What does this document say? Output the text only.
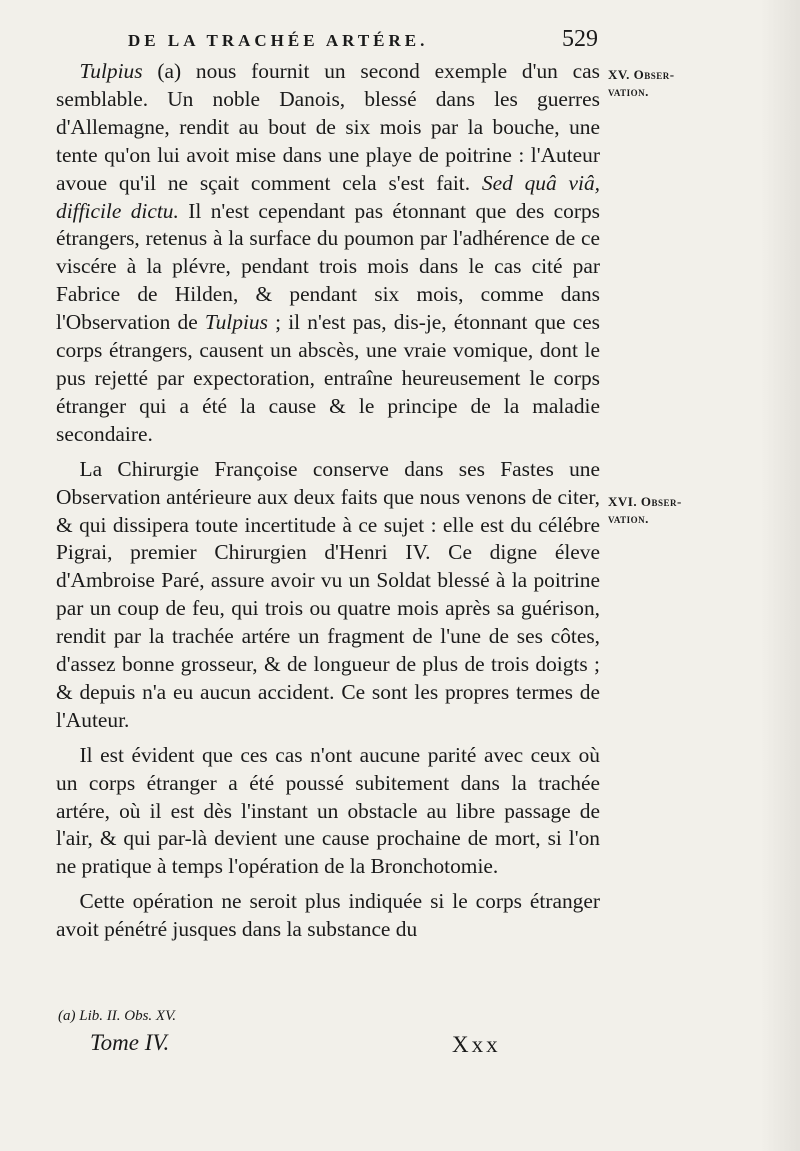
DE LA TRACHÉE ARTÉRE.	529
XV. Obser-
vation.
XVI. Obser-
vation.

Tulpius (a) nous fournit un second exemple d'un cas semblable. Un noble Danois, blessé dans les guerres d'Allemagne, rendit au bout de six mois par la bouche, une tente qu'on lui avoit mise dans une playe de poitrine : l'Auteur avoue qu'il ne sçait comment cela s'est fait. Sed quâ viâ, difficile dictu. Il n'est cependant pas étonnant que des corps étrangers, retenus à la surface du poumon par l'adhérence de ce viscére à la plévre, pendant trois mois dans le cas cité par Fabrice de Hilden, & pendant six mois, comme dans l'Observation de Tulpius ; il n'est pas, dis-je, étonnant que ces corps étrangers, causent un abscès, une vraie vomique, dont le pus rejetté par expectoration, entraîne heureusement le corps étranger qui a été la cause & le principe de la maladie secondaire.

La Chirurgie Françoise conserve dans ses Fastes une Observation antérieure aux deux faits que nous venons de citer, & qui dissipera toute incertitude à ce sujet : elle est du célébre Pigrai, premier Chirurgien d'Henri IV. Ce digne éleve d'Ambroise Paré, assure avoir vu un Soldat blessé à la poitrine par un coup de feu, qui trois ou quatre mois après sa guérison, rendit par la trachée artére un fragment de l'une de ses côtes, d'assez bonne grosseur, & de longueur de plus de trois doigts ; & depuis n'a eu aucun accident. Ce sont les propres termes de l'Auteur.

Il est évident que ces cas n'ont aucune parité avec ceux où un corps étranger a été poussé subitement dans la trachée artére, où il est dès l'instant un obstacle au libre passage de l'air, & qui par-là devient une cause prochaine de mort, si l'on ne pratique à temps l'opération de la Bronchotomie.

Cette opération ne seroit plus indiquée si le corps étranger avoit pénétré jusques dans la substance du

(a) Lib. II. Obs. XV.
Tome IV.	Xxx
